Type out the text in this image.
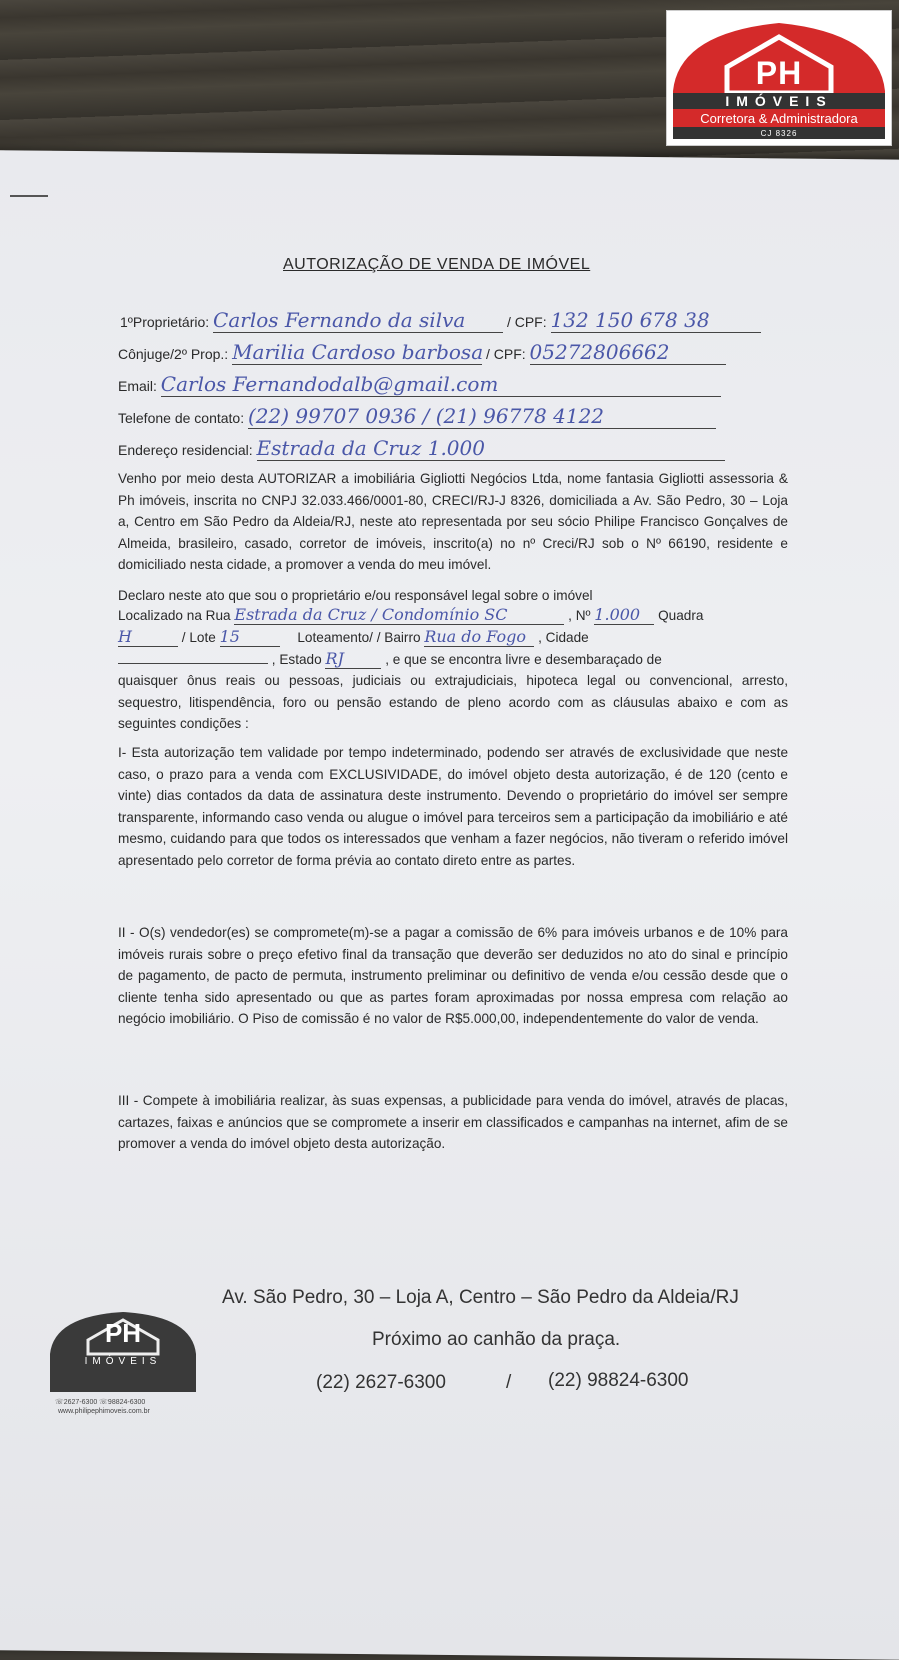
PH
IMÓVEIS
Corretora & Administradora
CJ 8326
AUTORIZAÇÃO DE VENDA DE IMÓVEL
1ºProprietário: Carlos Fernando da silva	/ CPF: 132 150 678 38
Cônjuge/2º Prop.: Marilia Cardoso barbosa / CPF: 05272806662
Email: Carlos Fernandodalb@gmail.com
Telefone de contato: (22) 99707 0936 / (21) 96778 4122
Endereço residencial: Estrada da Cruz 1.000
Venho por meio desta AUTORIZAR a imobiliária Gigliotti Negócios Ltda, nome fantasia Gigliotti assessoria & Ph imóveis, inscrita no CNPJ 32.033.466/0001-80, CRECI/RJ-J 8326, domiciliada a Av. São Pedro, 30 – Loja a, Centro em São Pedro da Aldeia/RJ, neste ato representada por seu sócio Philipe Francisco Gonçalves de Almeida, brasileiro, casado, corretor de imóveis, inscrito(a) no nº Creci/RJ sob o Nº 66190, residente e domiciliado nesta cidade, a promover a venda do meu imóvel.
Declaro neste ato que sou o proprietário e/ou responsável legal sobre o imóvel
Localizado na Rua Estrada da Cruz / Condomínio SC	, Nº 1.000 Quadra
H	/ Lote 15	Loteamento/ / Bairro Rua do Fogo , Cidade
, Estado RJ	, e que se encontra livre e desembaraçado de
quaisquer ônus reais ou pessoas, judiciais ou extrajudiciais, hipoteca legal ou convencional, arresto, sequestro, litispendência, foro ou pensão estando de pleno acordo com as cláusulas abaixo e com as seguintes condições :
I- Esta autorização tem validade por tempo indeterminado, podendo ser através de exclusividade que neste caso, o prazo para a venda com EXCLUSIVIDADE, do imóvel objeto desta autorização, é de 120 (cento e vinte) dias contados da data de assinatura deste instrumento. Devendo o proprietário do imóvel ser sempre transparente, informando caso venda ou alugue o imóvel para terceiros sem a participação da imobiliário e até mesmo, cuidando para que todos os interessados que venham a fazer negócios, não tiveram o referido imóvel apresentado pelo corretor de forma prévia ao contato direto entre as partes.
II - O(s) vendedor(es) se compromete(m)-se a pagar a comissão de 6% para imóveis urbanos e de 10% para imóveis rurais sobre o preço efetivo final da transação que deverão ser deduzidos no ato do sinal e princípio de pagamento, de pacto de permuta, instrumento preliminar ou definitivo de venda e/ou cessão desde que o cliente tenha sido apresentado ou que as partes foram aproximadas por nossa empresa com relação ao negócio imobiliário. O Piso de comissão é no valor de R$5.000,00, independentemente do valor de venda.
III - Compete à imobiliária realizar, às suas expensas, a publicidade para venda do imóvel, através de placas, cartazes, faixas e anúncios que se compromete a inserir em classificados e campanhas na internet, afim de se promover a venda do imóvel objeto desta autorização.
PH
IMÓVEIS
☏2627-6300 ☏98824-6300
www.philipephimoveis.com.br
Av. São Pedro, 30 – Loja A, Centro – São Pedro da Aldeia/RJ
Próximo ao canhão da praça.
(22) 2627-6300	/ (22) 98824-6300
